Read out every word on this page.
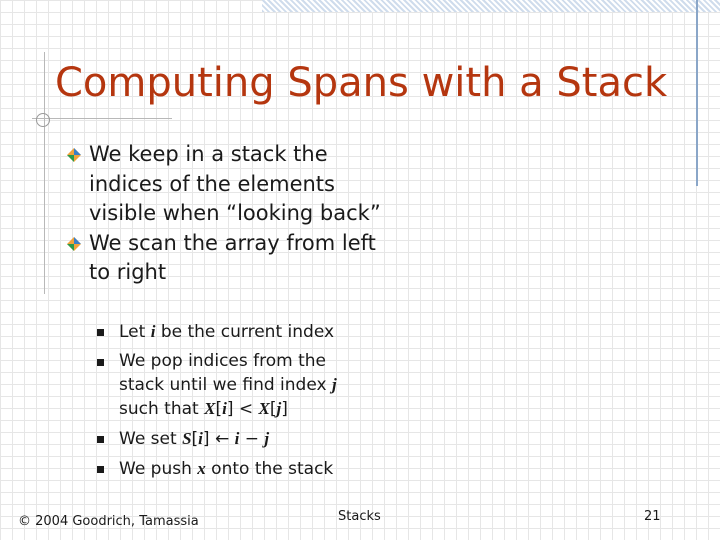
Computing Spans with a Stack
We keep in a stack the indices of the elements visible when “looking back”
We scan the array from left to right
Let i be the current index
We pop indices from the stack until we find index j such that X[i] < X[j]
We set S[i] ← i − j
We push x onto the stack
© 2004 Goodrich, Tamassia	Stacks	21
